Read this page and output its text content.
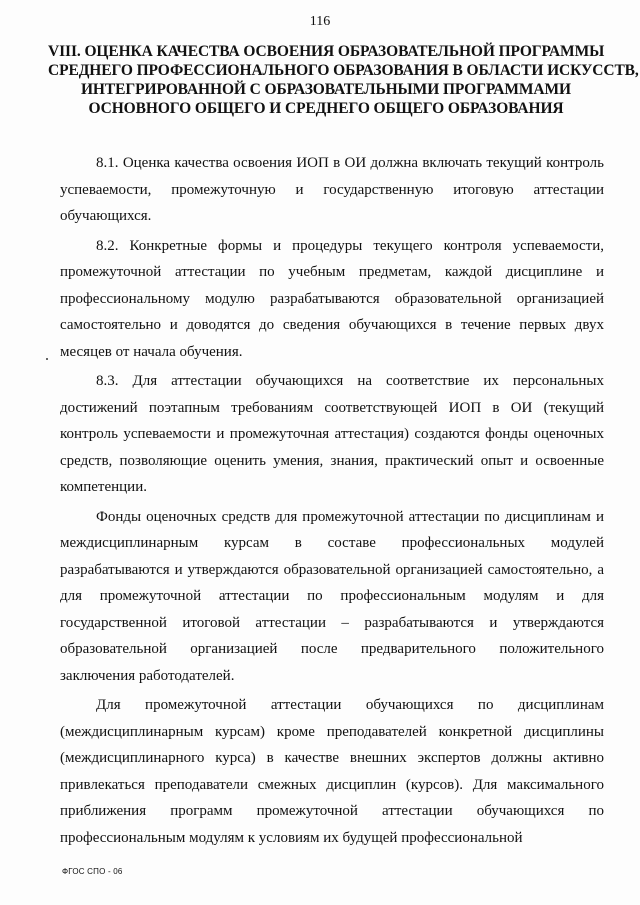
116
VIII. ОЦЕНКА КАЧЕСТВА ОСВОЕНИЯ ОБРАЗОВАТЕЛЬНОЙ ПРОГРАММЫ
СРЕДНЕГО ПРОФЕССИОНАЛЬНОГО ОБРАЗОВАНИЯ В ОБЛАСТИ ИСКУССТВ,
ИНТЕГРИРОВАННОЙ С ОБРАЗОВАТЕЛЬНЫМИ ПРОГРАММАМИ
ОСНОВНОГО ОБЩЕГО И СРЕДНЕГО ОБЩЕГО ОБРАЗОВАНИЯ

8.1. Оценка качества освоения ИОП в ОИ должна включать текущий контроль успеваемости, промежуточную и государственную итоговую аттестации обучающихся.

8.2. Конкретные формы и процедуры текущего контроля успеваемости, промежуточной аттестации по учебным предметам, каждой дисциплине и профессиональному модулю разрабатываются образовательной организацией самостоятельно и доводятся до сведения обучающихся в течение первых двух месяцев от начала обучения.

8.3. Для аттестации обучающихся на соответствие их персональных достижений поэтапным требованиям соответствующей ИОП в ОИ (текущий контроль успеваемости и промежуточная аттестация) создаются фонды оценочных средств, позволяющие оценить умения, знания, практический опыт и освоенные компетенции.

Фонды оценочных средств для промежуточной аттестации по дисциплинам и междисциплинарным курсам в составе профессиональных модулей разрабатываются и утверждаются образовательной организацией самостоятельно, а для промежуточной аттестации по профессиональным модулям и для государственной итоговой аттестации – разрабатываются и утверждаются образовательной организацией после предварительного положительного заключения работодателей.

Для промежуточной аттестации обучающихся по дисциплинам (междисциплинарным курсам) кроме преподавателей конкретной дисциплины (междисциплинарного курса) в качестве внешних экспертов должны активно привлекаться преподаватели смежных дисциплин (курсов). Для максимального приближения программ промежуточной аттестации обучающихся по профессиональным модулям к условиям их будущей профессиональной

ФГОС СПО - 06
